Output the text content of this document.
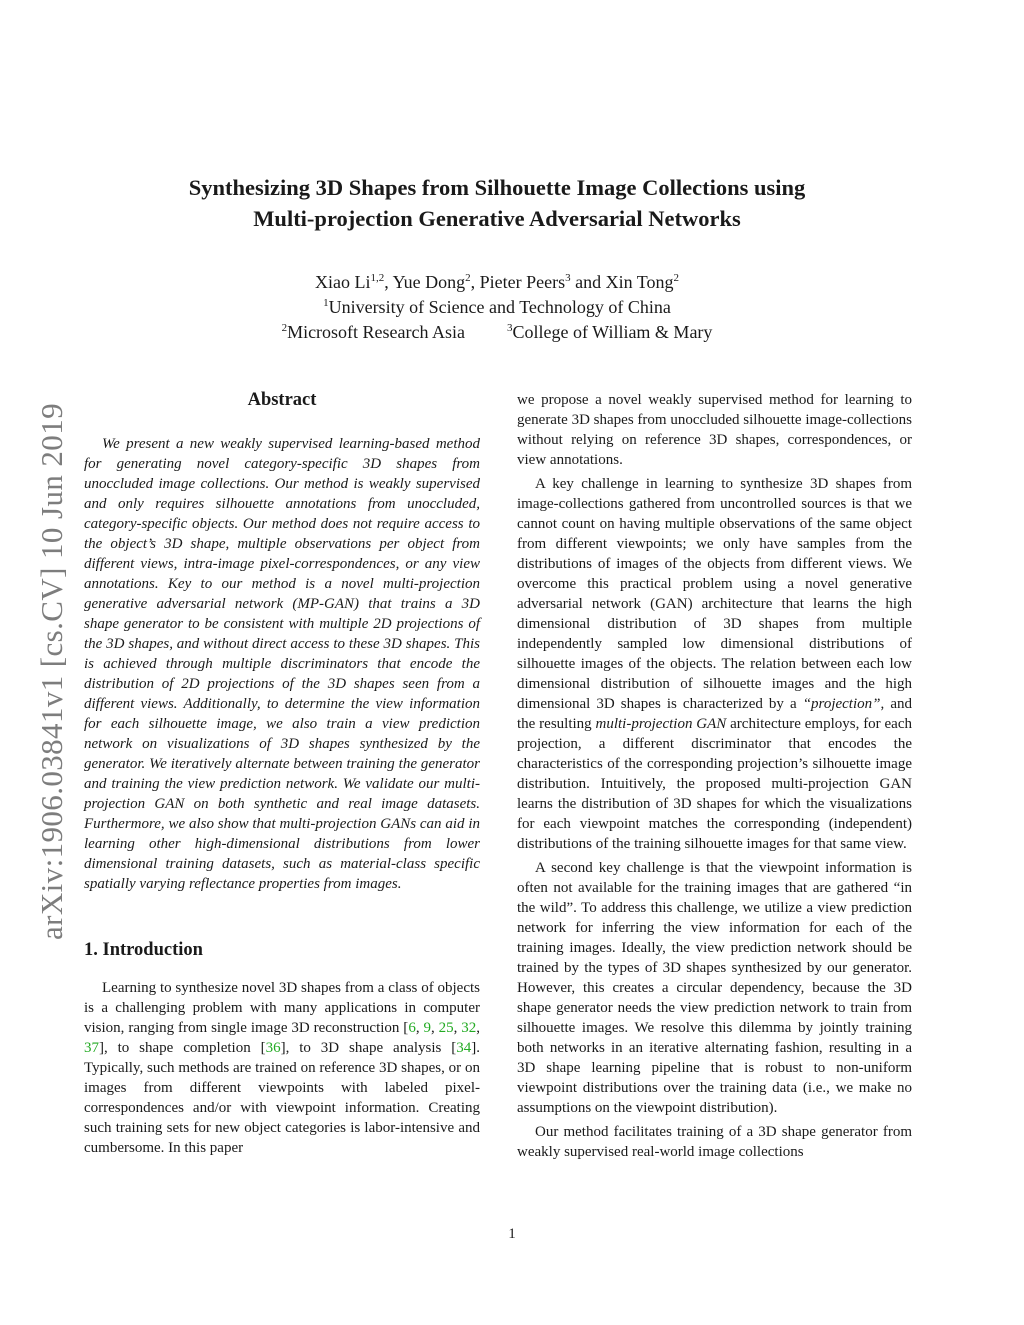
arXiv:1906.03841v1 [cs.CV] 10 Jun 2019
Synthesizing 3D Shapes from Silhouette Image Collections using
Multi-projection Generative Adversarial Networks
Xiao Li$^{1,2}$, Yue Dong$^2$, Pieter Peers$^3$ and Xin Tong$^2$
$^1$University of Science and Technology of China
$^2$Microsoft Research Asia	$^3$College of William & Mary
Abstract

We present a new weakly supervised learning-based method for generating novel category-specific 3D shapes from unoccluded image collections. Our method is weakly supervised and only requires silhouette annotations from unoccluded, category-specific objects. Our method does not require access to the object’s 3D shape, multiple observations per object from different views, intra-image pixel-correspondences, or any view annotations. Key to our method is a novel multi-projection generative adversarial network (MP-GAN) that trains a 3D shape generator to be consistent with multiple 2D projections of the 3D shapes, and without direct access to these 3D shapes. This is achieved through multiple discriminators that encode the distribution of 2D projections of the 3D shapes seen from a different views. Additionally, to determine the view information for each silhouette image, we also train a view prediction network on visualizations of 3D shapes synthesized by the generator. We iteratively alternate between training the generator and training the view prediction network. We validate our multi-projection GAN on both synthetic and real image datasets. Furthermore, we also show that multi-projection GANs can aid in learning other high-dimensional distributions from lower dimensional training datasets, such as material-class specific spatially varying reflectance properties from images.

1. Introduction

Learning to synthesize novel 3D shapes from a class of objects is a challenging problem with many applications in computer vision, ranging from single image 3D reconstruction [6, 9, 25, 32, 37], to shape completion [36], to 3D shape analysis [34]. Typically, such methods are trained on reference 3D shapes, or on images from different viewpoints with labeled pixel-correspondences and/or with viewpoint information. Creating such training sets for new object categories is labor-intensive and cumbersome. In this paper

we propose a novel weakly supervised method for learning to generate 3D shapes from unoccluded silhouette image-collections without relying on reference 3D shapes, correspondences, or view annotations.

A key challenge in learning to synthesize 3D shapes from image-collections gathered from uncontrolled sources is that we cannot count on having multiple observations of the same object from different viewpoints; we only have samples from the distributions of images of the objects from different views. We overcome this practical problem using a novel generative adversarial network (GAN) architecture that learns the high dimensional distribution of 3D shapes from multiple independently sampled low dimensional distributions of silhouette images of the objects. The relation between each low dimensional distribution of silhouette images and the high dimensional 3D shapes is characterized by a “projection”, and the resulting multi-projection GAN architecture employs, for each projection, a different discriminator that encodes the characteristics of the corresponding projection’s silhouette image distribution. Intuitively, the proposed multi-projection GAN learns the distribution of 3D shapes for which the visualizations for each viewpoint matches the corresponding (independent) distributions of the training silhouette images for that same view.

A second key challenge is that the viewpoint information is often not available for the training images that are gathered “in the wild”. To address this challenge, we utilize a view prediction network for inferring the view information for each of the training images. Ideally, the view prediction network should be trained by the types of 3D shapes synthesized by our generator. However, this creates a circular dependency, because the 3D shape generator needs the view prediction network to train from silhouette images. We resolve this dilemma by jointly training both networks in an iterative alternating fashion, resulting in a 3D shape learning pipeline that is robust to non-uniform viewpoint distributions over the training data (i.e., we make no assumptions on the viewpoint distribution).

Our method facilitates training of a 3D shape generator from weakly supervised real-world image collections

1
